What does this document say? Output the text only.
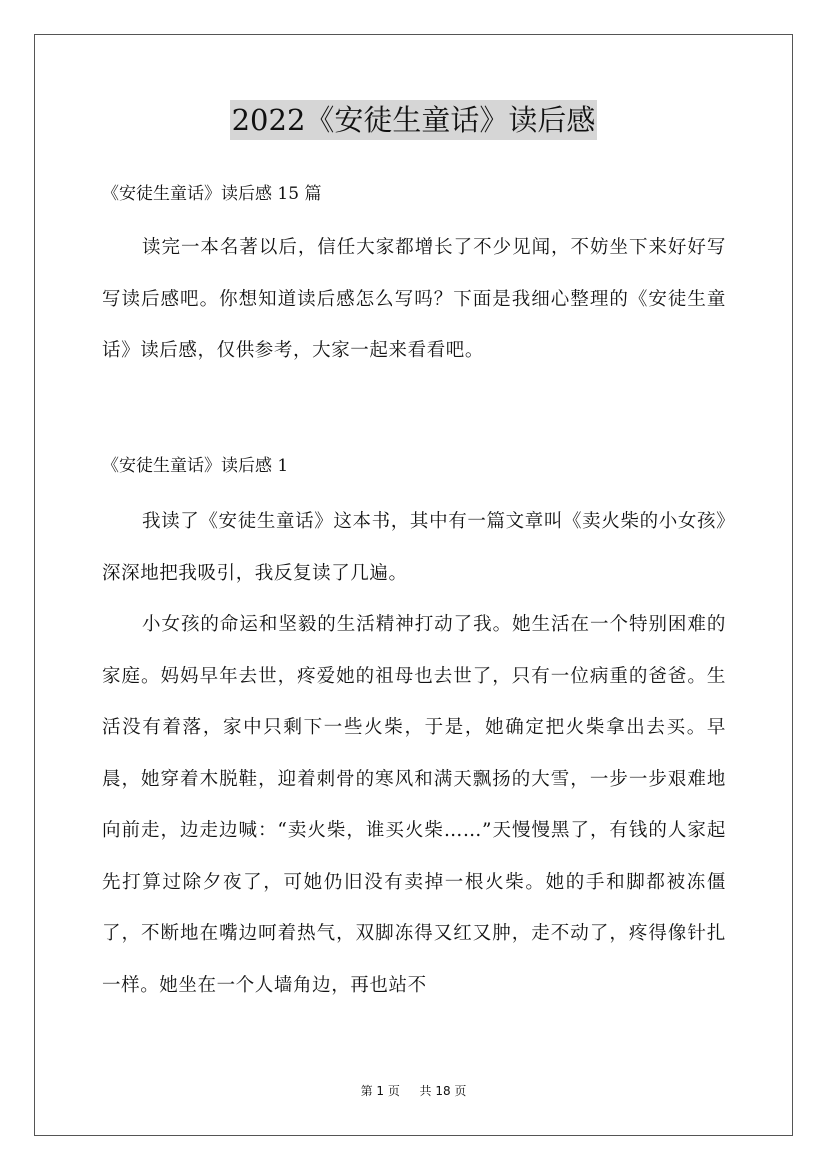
2022《安徒生童话》读后感
《安徒生童话》读后感 15 篇

读完一本名著以后，信任大家都增长了不少见闻，不妨坐下来好好写写读后感吧。你想知道读后感怎么写吗？下面是我细心整理的《安徒生童话》读后感，仅供参考，大家一起来看看吧。

《安徒生童话》读后感 1

我读了《安徒生童话》这本书，其中有一篇文章叫《卖火柴的小女孩》深深地把我吸引，我反复读了几遍。

小女孩的命运和坚毅的生活精神打动了我。她生活在一个特别困难的家庭。妈妈早年去世，疼爱她的祖母也去世了，只有一位病重的爸爸。生活没有着落，家中只剩下一些火柴，于是，她确定把火柴拿出去买。早晨，她穿着木脱鞋，迎着刺骨的寒风和满天飘扬的大雪，一步一步艰难地向前走，边走边喊：“卖火柴，谁买火柴……”天慢慢黑了，有钱的人家起先打算过除夕夜了，可她仍旧没有卖掉一根火柴。她的手和脚都被冻僵了，不断地在嘴边呵着热气，双脚冻得又红又肿，走不动了，疼得像针扎一样。她坐在一个人墙角边，再也站不

第 1 页 共 18 页
